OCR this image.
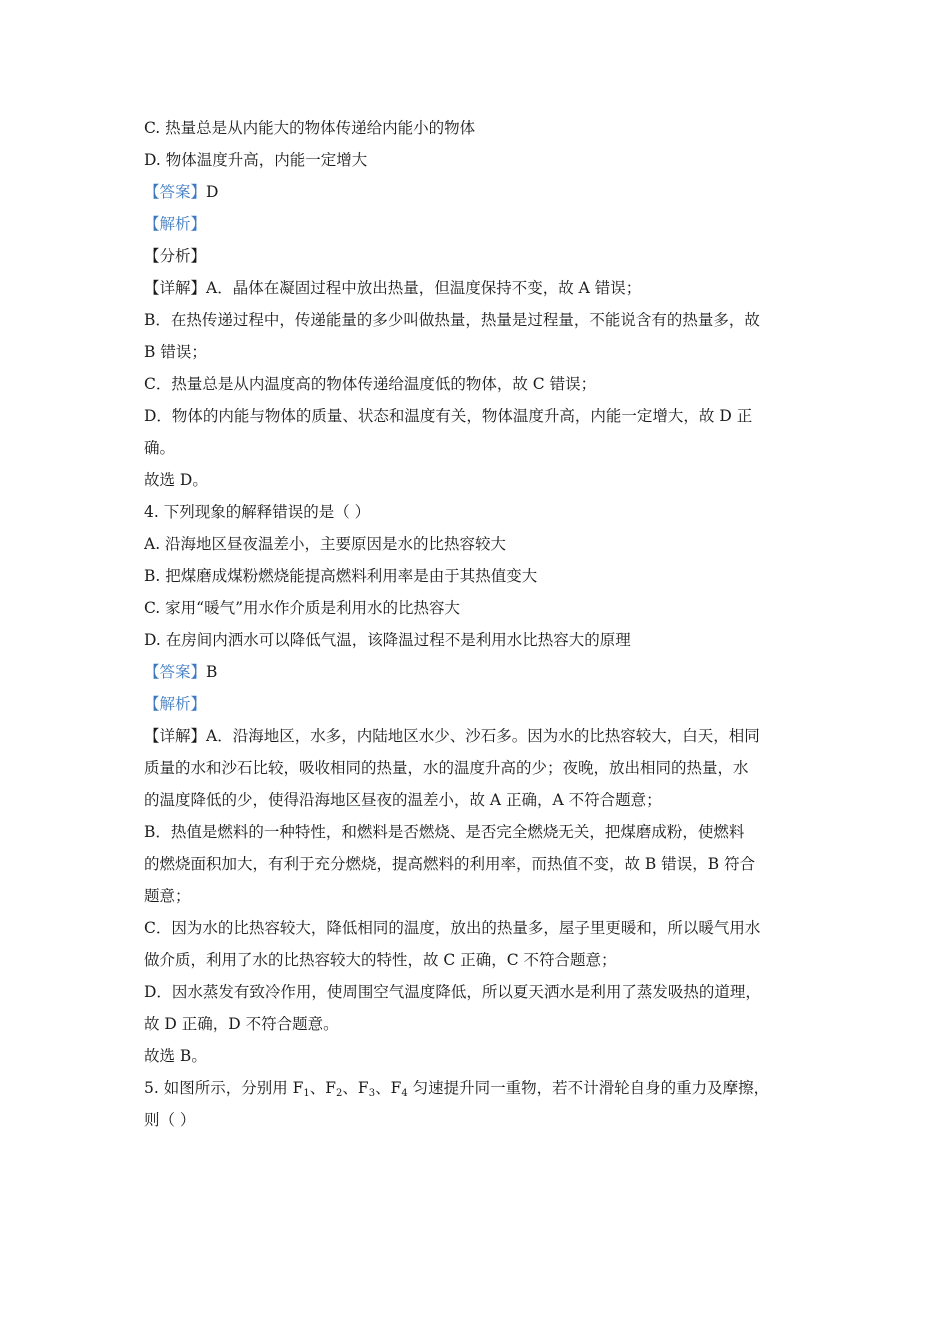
C. 热量总是从内能大的物体传递给内能小的物体
D. 物体温度升高，内能一定增大
【答案】D
【解析】
【分析】
【详解】A．晶体在凝固过程中放出热量，但温度保持不变，故 A 错误；
B．在热传递过程中，传递能量的多少叫做热量，热量是过程量，不能说含有的热量多，故
B 错误；
C．热量总是从内温度高的物体传递给温度低的物体，故 C 错误；
D．物体的内能与物体的质量、状态和温度有关，物体温度升高，内能一定增大，故 D 正
确。
故选 D。
4. 下列现象的解释错误的是（ ）
A. 沿海地区昼夜温差小，主要原因是水的比热容较大
B. 把煤磨成煤粉燃烧能提高燃料利用率是由于其热值变大
C. 家用“暖气”用水作介质是利用水的比热容大
D. 在房间内洒水可以降低气温，该降温过程不是利用水比热容大的原理
【答案】B
【解析】
【详解】A．沿海地区，水多，内陆地区水少、沙石多。因为水的比热容较大，白天，相同
质量的水和沙石比较，吸收相同的热量，水的温度升高的少；夜晚，放出相同的热量，水
的温度降低的少，使得沿海地区昼夜的温差小，故 A 正确，A 不符合题意；
B．热值是燃料的一种特性，和燃料是否燃烧、是否完全燃烧无关，把煤磨成粉，使燃料
的燃烧面积加大，有利于充分燃烧，提高燃料的利用率，而热值不变，故 B 错误，B 符合
题意；
C．因为水的比热容较大，降低相同的温度，放出的热量多，屋子里更暖和，所以暖气用水
做介质，利用了水的比热容较大的特性，故 C 正确，C 不符合题意；
D．因水蒸发有致冷作用，使周围空气温度降低，所以夏天洒水是利用了蒸发吸热的道理，
故 D 正确，D 不符合题意。
故选 B。
5. 如图所示，分别用 $F_1$、$F_2$、$F_3$、$F_4$ 匀速提升同一重物，若不计滑轮自身的重力及摩擦，
则（ ）
